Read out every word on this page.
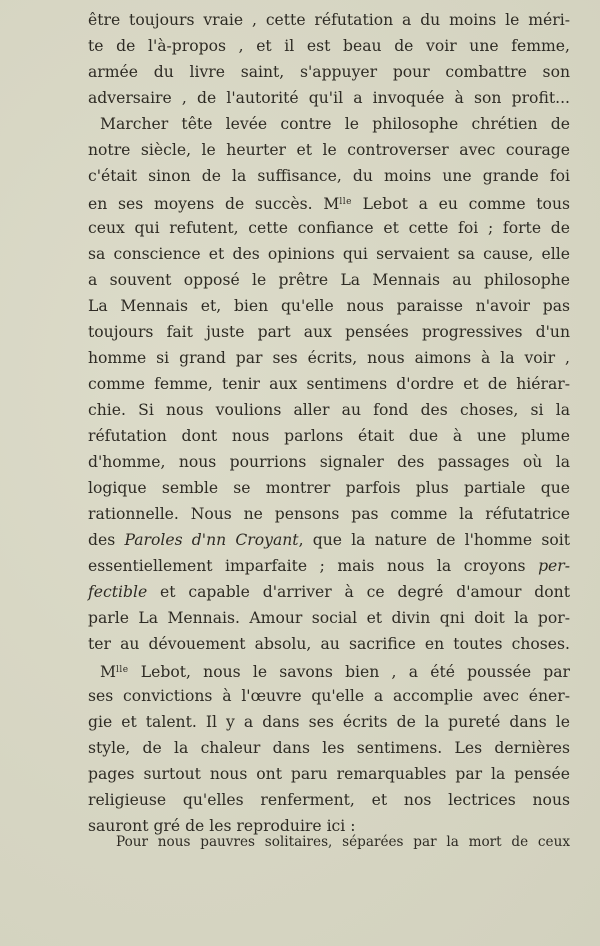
être toujours vraie , cette réfutation a du moins le méri-
te de l'à-propos , et il est beau de voir une femme,
armée du livre saint, s'appuyer pour combattre son
adversaire , de l'autorité qu'il a invoquée à son profit...
Marcher tête levée contre le philosophe chrétien de
notre siècle, le heurter et le controverser avec courage
c'était sinon de la suffisance, du moins une grande foi
en ses moyens de succès. $M^{lle}$ Lebot a eu comme tous
ceux qui refutent, cette confiance et cette foi ; forte de
sa conscience et des opinions qui servaient sa cause, elle
a souvent opposé le prêtre La Mennais au philosophe
La Mennais et, bien qu'elle nous paraisse n'avoir pas
toujours fait juste part aux pensées progressives d'un
homme si grand par ses écrits, nous aimons à la voir ,
comme femme, tenir aux sentimens d'ordre et de hiérar-
chie. Si nous voulions aller au fond des choses, si la
réfutation dont nous parlons était due à une plume
d'homme, nous pourrions signaler des passages où la
logique semble se montrer parfois plus partiale que
rationnelle. Nous ne pensons pas comme la réfutatrice
des Paroles d'nn Croyant, que la nature de l'homme soit
essentiellement imparfaite ; mais nous la croyons per-
fectible et capable d'arriver à ce degré d'amour dont
parle La Mennais. Amour social et divin qni doit la por-
ter au dévouement absolu, au sacrifice en toutes choses.
$M^{lle}$ Lebot, nous le savons bien , a été poussée par
ses convictions à l'œuvre qu'elle a accomplie avec éner-
gie et talent. Il y a dans ses écrits de la pureté dans le
style, de la chaleur dans les sentimens. Les dernières
pages surtout nous ont paru remarquables par la pensée
religieuse qu'elles renferment, et nos lectrices nous
sauront gré de les reproduire ici :
Pour nous pauvres solitaires, séparées par la mort de ceux
